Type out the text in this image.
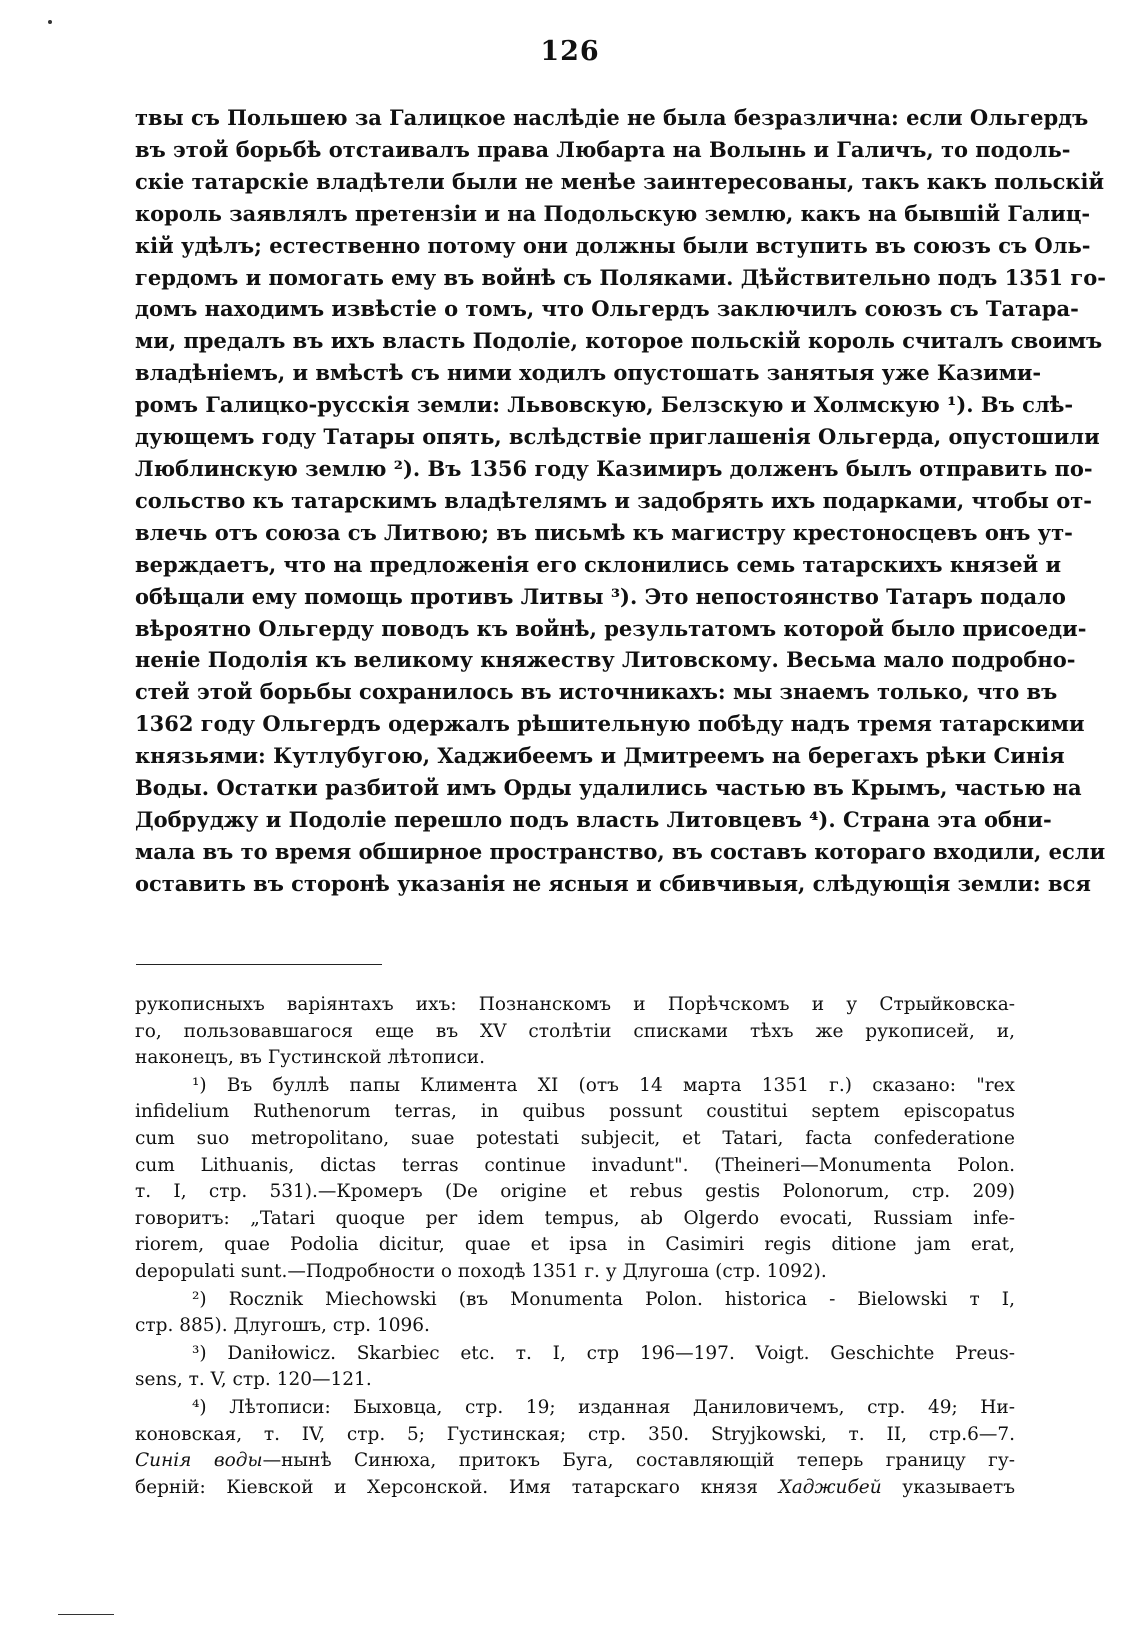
126
твы съ Польшею за Галицкое наслѣдіе не была безразлична: если Ольгердъ
въ этой борьбѣ отстаивалъ права Любарта на Волынь и Галичъ, то подоль-
скіе татарскіе владѣтели были не менѣе заинтересованы, такъ какъ польскій
король заявлялъ претензіи и на Подольскую землю, какъ на бывшій Галиц-
кій удѣлъ; естественно потому они должны были вступить въ союзъ съ Оль-
гердомъ и помогать ему въ войнѣ съ Поляками. Дѣйствительно подъ 1351 го-
домъ находимъ извѣстіе о томъ, что Ольгердъ заключилъ союзъ съ Татара-
ми, предалъ въ ихъ власть Подоліе, которое польскій король считалъ своимъ
владѣніемъ, и вмѣстѣ съ ними ходилъ опустошать занятыя уже Казими-
ромъ Галицко-русскія земли: Львовскую, Белзскую и Холмскую ¹). Въ слѣ-
дующемъ году Татары опять, вслѣдствіе приглашенія Ольгерда, опустошили
Люблинскую землю ²). Въ 1356 году Казимиръ долженъ былъ отправить по-
сольство къ татарскимъ владѣтелямъ и задобрять ихъ подарками, чтобы от-
влечь отъ союза съ Литвою; въ письмѣ къ магистру крестоносцевъ онъ ут-
верждаетъ, что на предложенія его склонились семь татарскихъ князей и
обѣщали ему помощь противъ Литвы ³). Это непостоянство Татаръ подало
вѣроятно Ольгерду поводъ къ войнѣ, результатомъ которой было присоеди-
неніе Подолія къ великому княжеству Литовскому. Весьма мало подробно-
стей этой борьбы сохранилось въ источникахъ: мы знаемъ только, что въ
1362 году Ольгердъ одержалъ рѣшительную побѣду надъ тремя татарскими
князьями: Кутлубугою, Хаджибеемъ и Дмитреемъ на берегахъ рѣки Синія
Воды. Остатки разбитой имъ Орды удалились частью въ Крымъ, частью на
Добруджу и Подоліе перешло подъ власть Литовцевъ ⁴). Страна эта обни-
мала въ то время обширное пространство, въ составъ котораго входили, если
оставить въ сторонѣ указанія не ясныя и сбивчивыя, слѣдующія земли: вся
рукописныхъ варіянтахъ ихъ: Познанскомъ и Порѣчскомъ и у Стрыйковска-
го, пользовавшагося еще въ XV столѣтіи списками тѣхъ же рукописей, и,
наконецъ, въ Густинской лѣтописи.
¹) Въ буллѣ папы Климента XI (отъ 14 марта 1351 г.) сказано: "rex
infidelium Ruthenorum terras, in quibus possunt coustitui septem episcopatus
cum suo metropolitano, suae potestati subjecit, et Tatari, facta confederatione
cum Lithuanis, dictas terras continue invadunt". (Theineri—Monumenta Polon.
т. I, стр. 531).—Кромеръ (De origine et rebus gestis Polonorum, стр. 209)
говоритъ: „Tatari quoque per idem tempus, ab Olgerdo evocati, Russiam infe-
riorem, quae Podolia dicitur, quae et ipsa in Casimiri regis ditione jam erat,
depopulati sunt.—Подробности о походѣ 1351 г. у Длугоша (стр. 1092).
²) Rocznik Miechowski (въ Monumenta Polon. historica - Bielowski т I,
стр. 885). Длугошъ, стр. 1096.
³) Daniłowicz. Skarbiec etc. т. I, стр 196—197. Voigt. Geschichte Preus-
sens, т. V, стр. 120—121.
⁴) Лѣтописи: Быховца, стр. 19; изданная Даниловичемъ, стр. 49; Ни-
коновская, т. IV, стр. 5; Густинская; стр. 350. Stryjkowski, т. II, стр.6—7.
Синія воды—нынѣ Синюха, притокъ Буга, составляющій теперь границу гу-
берній: Кіевской и Херсонской. Имя татарскаго князя Хаджибей указываетъ
